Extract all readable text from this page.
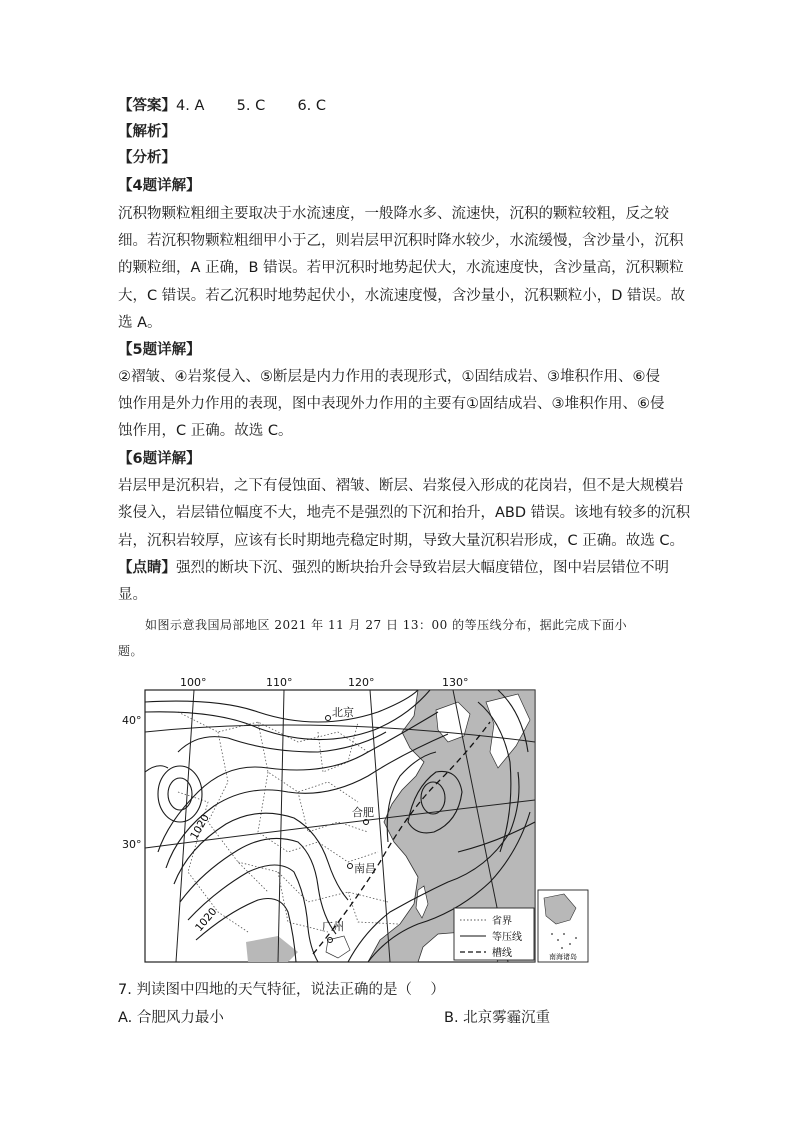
【答案】4. A       5. C       6. C
【解析】
【分析】
【4题详解】
沉积物颗粒粗细主要取决于水流速度，一般降水多、流速快，沉积的颗粒较粗，反之较
细。若沉积物颗粒粗细甲小于乙，则岩层甲沉积时降水较少，水流缓慢，含沙量小，沉积
的颗粒细，A 正确，B 错误。若甲沉积时地势起伏大，水流速度快，含沙量高，沉积颗粒
大，C 错误。若乙沉积时地势起伏小，水流速度慢，含沙量小，沉积颗粒小，D 错误。故
选 A。
【5题详解】
②褶皱、④岩浆侵入、⑤断层是内力作用的表现形式，①固结成岩、③堆积作用、⑥侵
蚀作用是外力作用的表现，图中表现外力作用的主要有①固结成岩、③堆积作用、⑥侵
蚀作用，C 正确。故选 C。
【6题详解】
岩层甲是沉积岩，之下有侵蚀面、褶皱、断层、岩浆侵入形成的花岗岩，但不是大规模岩
浆侵入，岩层错位幅度不大，地壳不是强烈的下沉和抬升，ABD 错误。该地有较多的沉积
岩，沉积岩较厚，应该有长时期地壳稳定时期，导致大量沉积岩形成，C 正确。故选 C。
【点睛】强烈的断块下沉、强烈的断块抬升会导致岩层大幅度错位，图中岩层错位不明
显。
如图示意我国局部地区 2021 年 11 月 27 日 13：00 的等压线分布，据此完成下面小
题。
1020
1020
100°	110°	120°	130°
40°
30°
北京
合肥
南昌
广州	省界
等压线
槽线	南海诸岛
7. 判读图中四地的天气特征，说法正确的是（    ）
A. 合肥风力最小	B. 北京雾霾沉重
